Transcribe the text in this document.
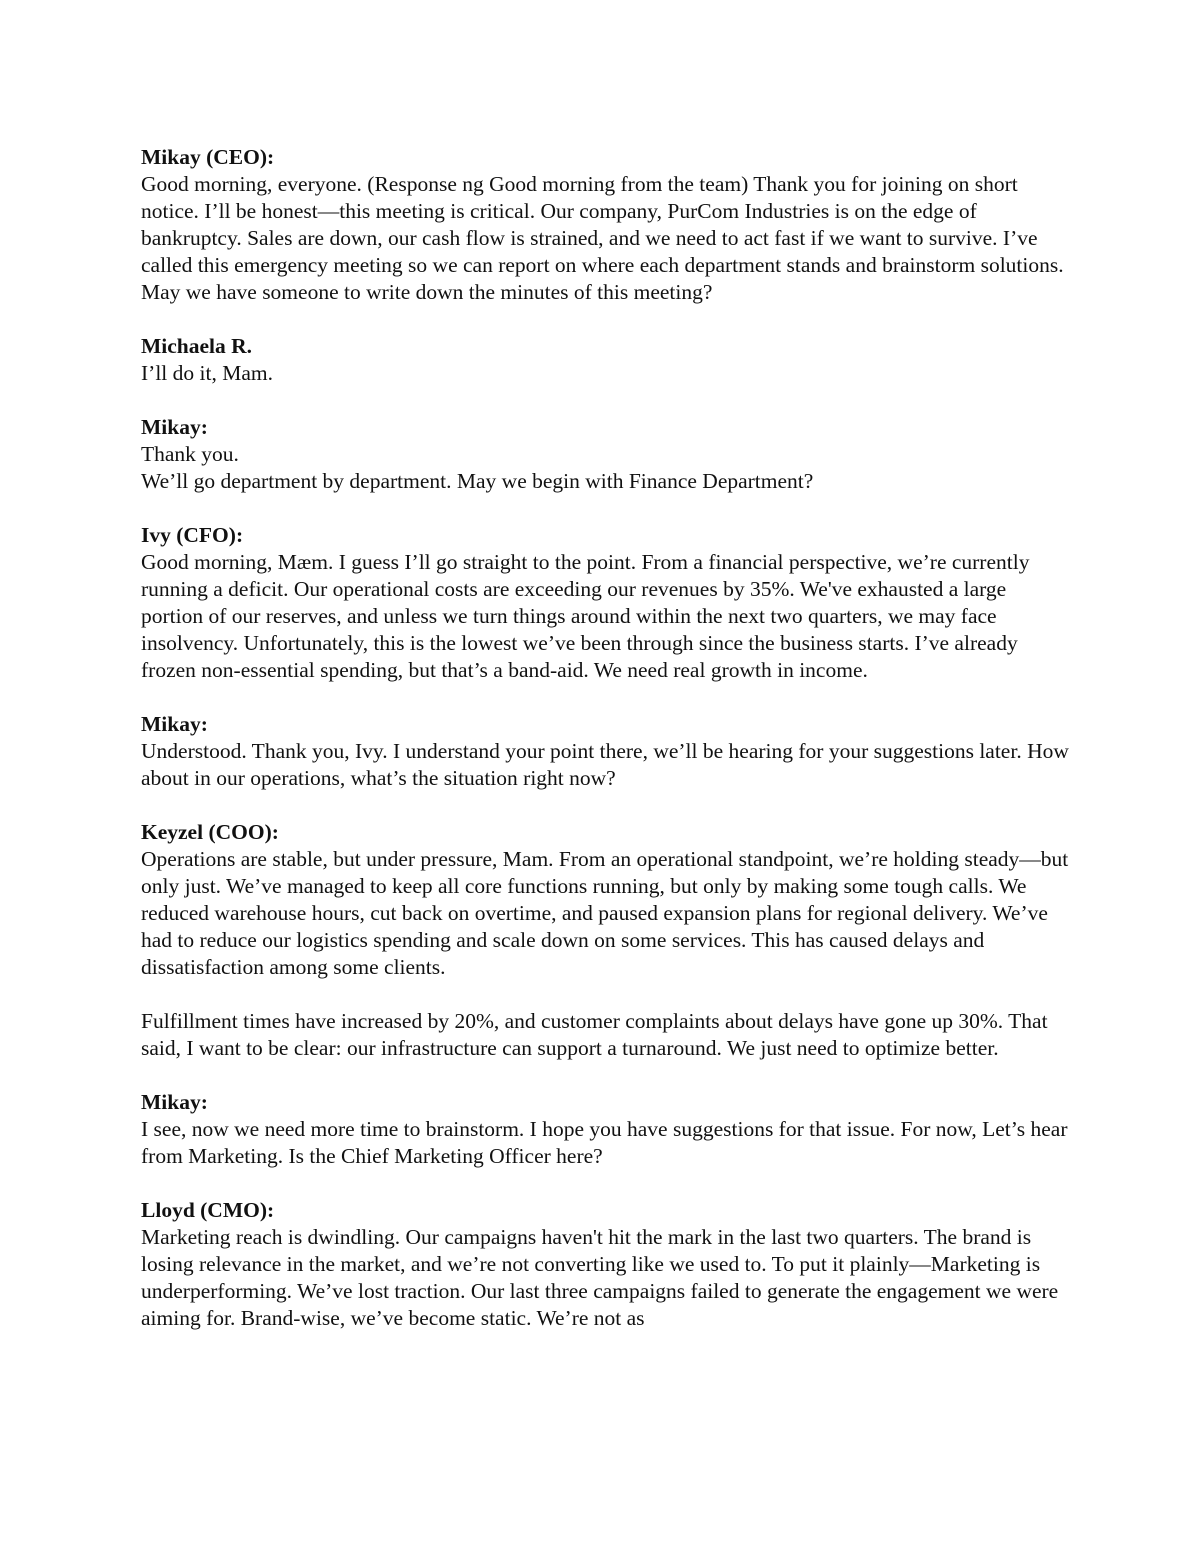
Mikay (CEO):
Good morning, everyone. (Response ng Good morning from the team) Thank you for joining on short notice. I’ll be honest—this meeting is critical. Our company, PurCom Industries is on the edge of bankruptcy. Sales are down, our cash flow is strained, and we need to act fast if we want to survive. I’ve called this emergency meeting so we can report on where each department stands and brainstorm solutions. May we have someone to write down the minutes of this meeting?
Michaela R.
I’ll do it, Mam.
Mikay:
Thank you.
We’ll go department by department. May we begin with Finance Department?
Ivy (CFO):
Good morning, Mæm. I guess I’ll go straight to the point. From a financial perspective, we’re currently running a deficit. Our operational costs are exceeding our revenues by 35%. We've exhausted a large portion of our reserves, and unless we turn things around within the next two quarters, we may face insolvency. Unfortunately, this is the lowest we’ve been through since the business starts. I’ve already frozen non-essential spending, but that’s a band-aid. We need real growth in income.
Mikay:
Understood. Thank you, Ivy. I understand your point there, we’ll be hearing for your suggestions later. How about in our operations, what’s the situation right now?
Keyzel (COO):
Operations are stable, but under pressure, Mam. From an operational standpoint, we’re holding steady—but only just. We’ve managed to keep all core functions running, but only by making some tough calls. We reduced warehouse hours, cut back on overtime, and paused expansion plans for regional delivery. We’ve had to reduce our logistics spending and scale down on some services. This has caused delays and dissatisfaction among some clients.
Fulfillment times have increased by 20%, and customer complaints about delays have gone up 30%. That said, I want to be clear: our infrastructure can support a turnaround. We just need to optimize better.
Mikay:
I see, now we need more time to brainstorm. I hope you have suggestions for that issue. For now, Let’s hear from Marketing. Is the Chief Marketing Officer here?
Lloyd (CMO):
Marketing reach is dwindling. Our campaigns haven't hit the mark in the last two quarters. The brand is losing relevance in the market, and we’re not converting like we used to. To put it plainly—Marketing is underperforming. We’ve lost traction. Our last three campaigns failed to generate the engagement we were aiming for. Brand-wise, we’ve become static. We’re not as
